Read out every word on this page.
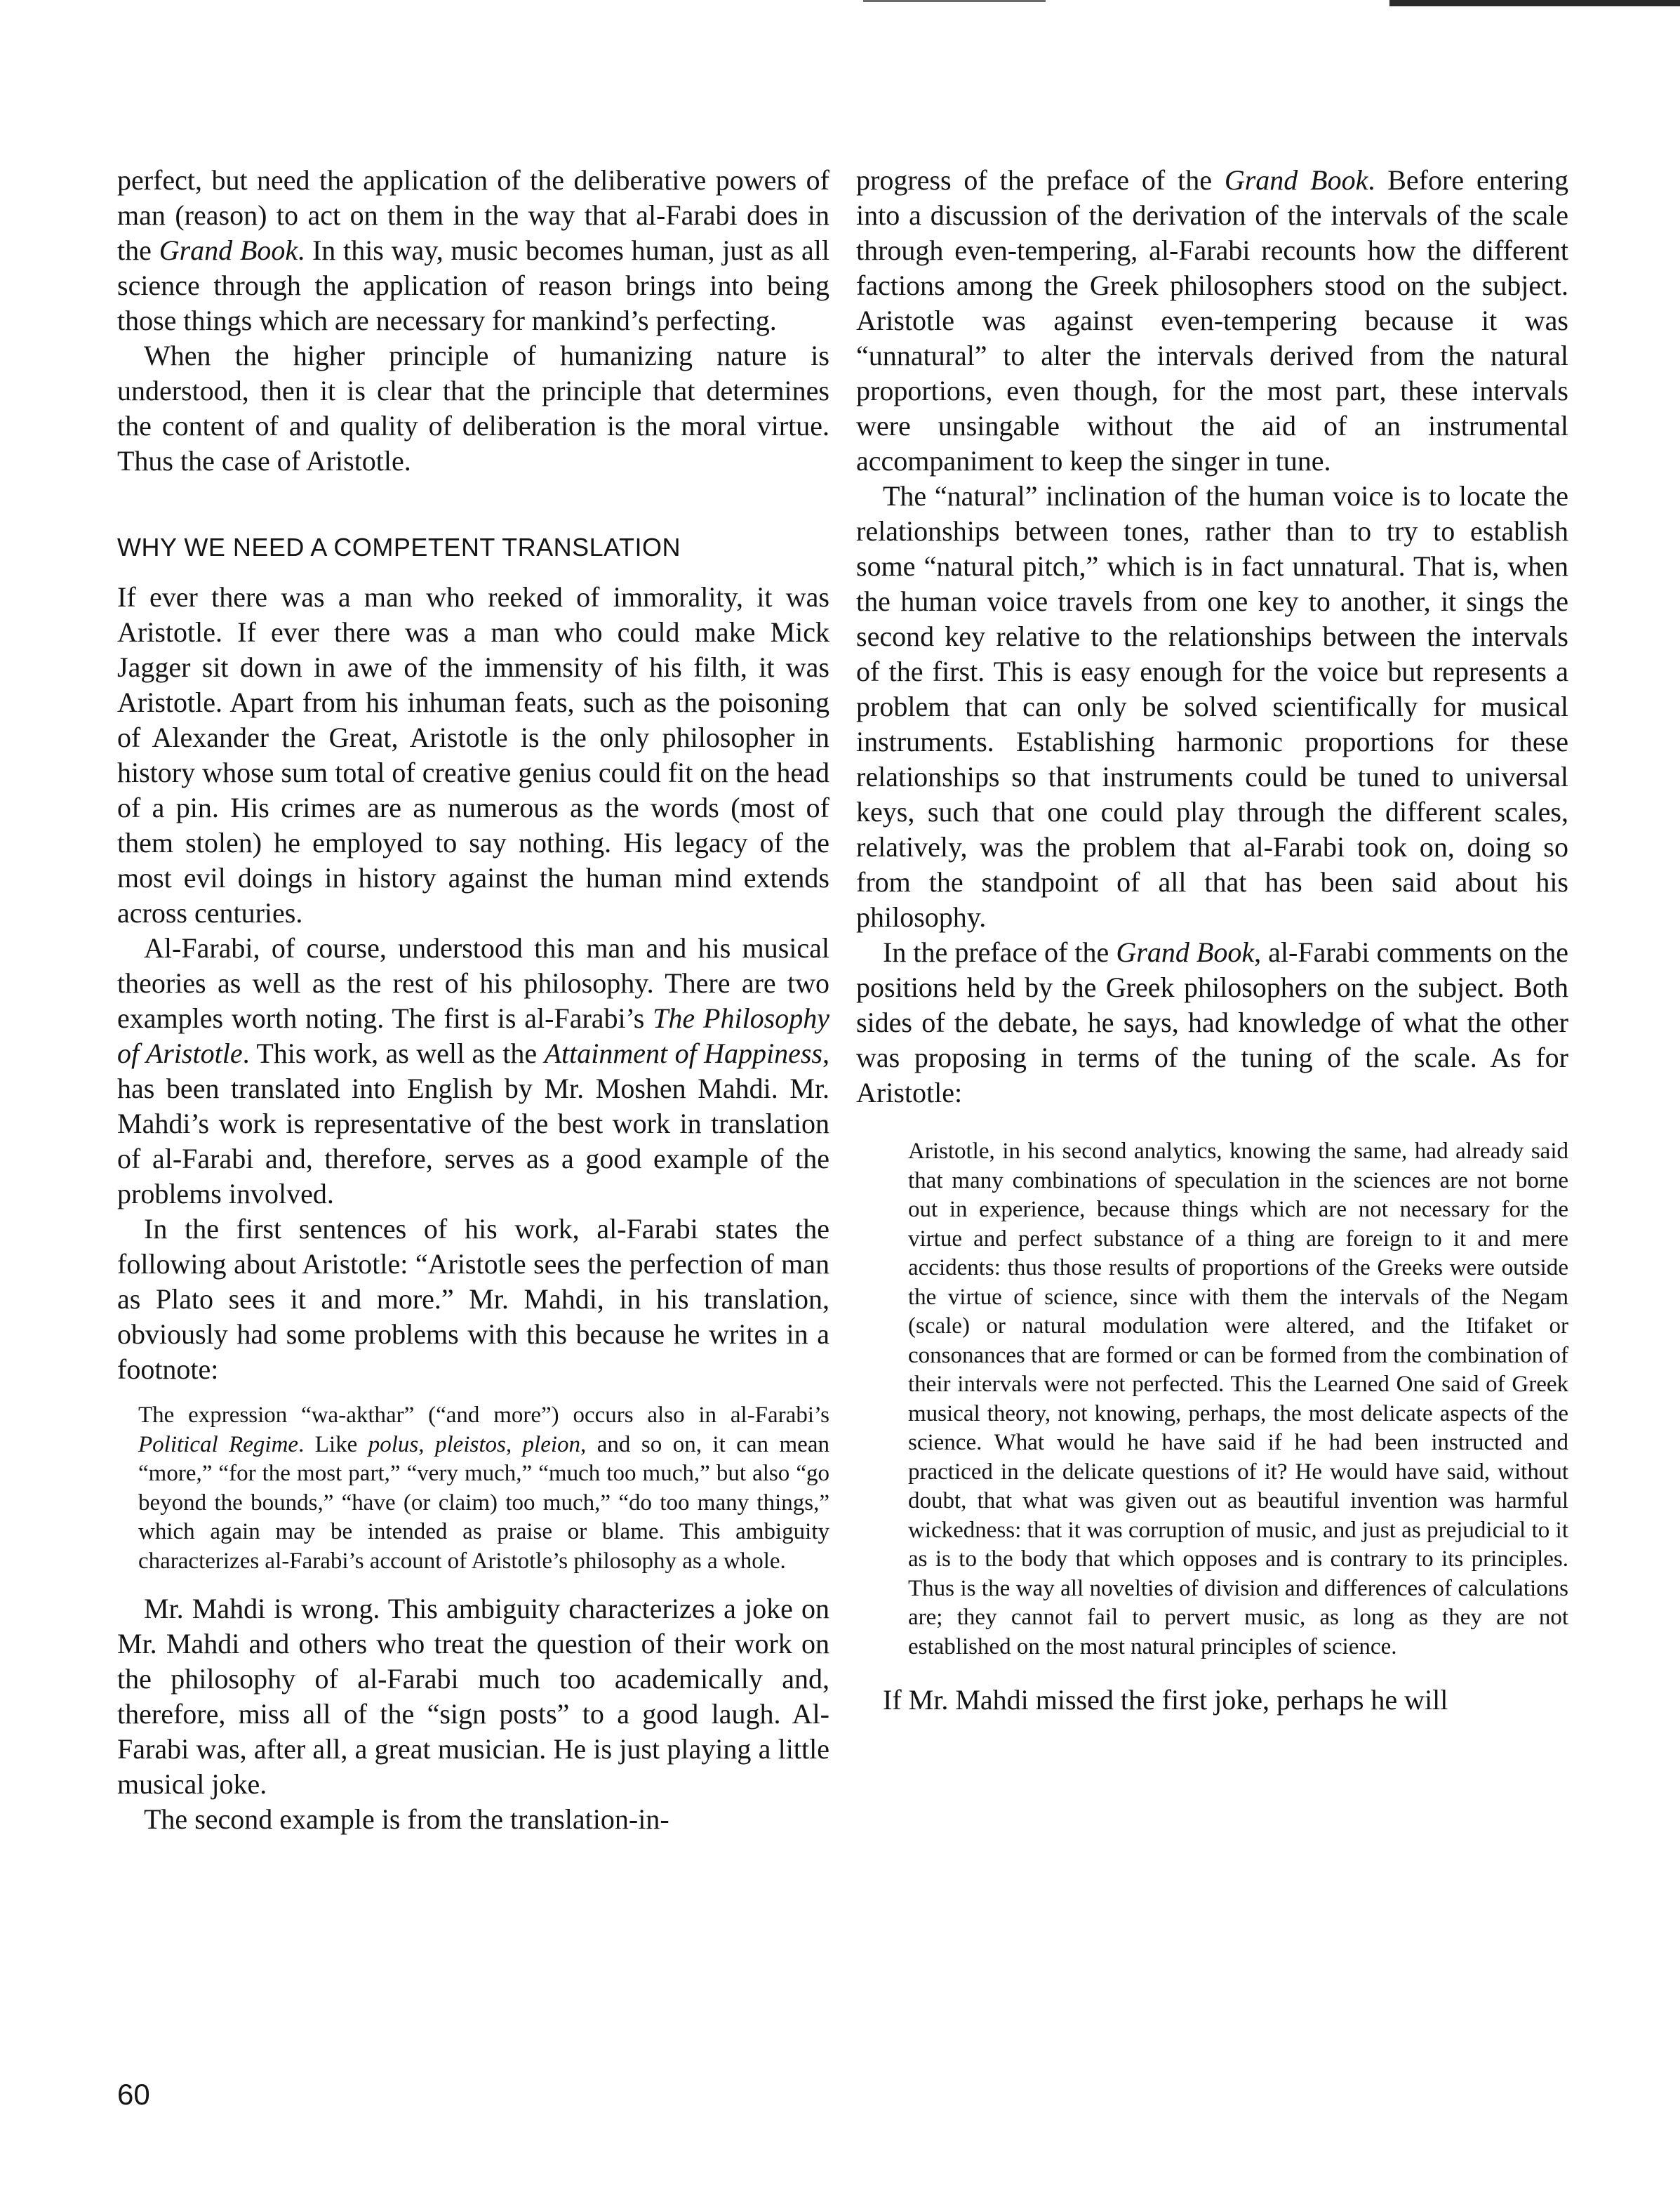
perfect, but need the application of the deliberative powers of man (reason) to act on them in the way that al-Farabi does in the Grand Book. In this way, music becomes human, just as all science through the application of reason brings into being those things which are necessary for mankind’s perfecting.

When the higher principle of humanizing nature is understood, then it is clear that the principle that determines the content of and quality of deliberation is the moral virtue. Thus the case of Aristotle.

WHY WE NEED A COMPETENT TRANSLATION

If ever there was a man who reeked of immorality, it was Aristotle. If ever there was a man who could make Mick Jagger sit down in awe of the immensity of his filth, it was Aristotle. Apart from his inhuman feats, such as the poisoning of Alexander the Great, Aristotle is the only philosopher in history whose sum total of creative genius could fit on the head of a pin. His crimes are as numerous as the words (most of them stolen) he employed to say nothing. His legacy of the most evil doings in history against the human mind extends across centuries.

Al-Farabi, of course, understood this man and his musical theories as well as the rest of his philosophy. There are two examples worth noting. The first is al-Farabi’s The Philosophy of Aristotle. This work, as well as the Attainment of Happiness, has been translated into English by Mr. Moshen Mahdi. Mr. Mahdi’s work is representative of the best work in translation of al-Farabi and, therefore, serves as a good example of the problems involved.

In the first sentences of his work, al-Farabi states the following about Aristotle: “Aristotle sees the perfection of man as Plato sees it and more.” Mr. Mahdi, in his translation, obviously had some problems with this because he writes in a footnote:

The expression “wa-akthar” (“and more”) occurs also in al-Farabi’s Political Regime. Like polus, pleistos, pleion, and so on, it can mean “more,” “for the most part,” “very much,” “much too much,” but also “go beyond the bounds,” “have (or claim) too much,” “do too many things,” which again may be intended as praise or blame. This ambiguity characterizes al-Farabi’s account of Aristotle’s philosophy as a whole.

Mr. Mahdi is wrong. This ambiguity characterizes a joke on Mr. Mahdi and others who treat the question of their work on the philosophy of al-Farabi much too academically and, therefore, miss all of the “sign posts” to a good laugh. Al-Farabi was, after all, a great musician. He is just playing a little musical joke.

The second example is from the translation-in-

progress of the preface of the Grand Book. Before entering into a discussion of the derivation of the intervals of the scale through even-tempering, al-Farabi recounts how the different factions among the Greek philosophers stood on the subject. Aristotle was against even-tempering because it was “unnatural” to alter the intervals derived from the natural proportions, even though, for the most part, these intervals were unsingable without the aid of an instrumental accompaniment to keep the singer in tune.

The “natural” inclination of the human voice is to locate the relationships between tones, rather than to try to establish some “natural pitch,” which is in fact unnatural. That is, when the human voice travels from one key to another, it sings the second key relative to the relationships between the intervals of the first. This is easy enough for the voice but represents a problem that can only be solved scientifically for musical instruments. Establishing harmonic proportions for these relationships so that instruments could be tuned to universal keys, such that one could play through the different scales, relatively, was the problem that al-Farabi took on, doing so from the standpoint of all that has been said about his philosophy.

In the preface of the Grand Book, al-Farabi comments on the positions held by the Greek philosophers on the subject. Both sides of the debate, he says, had knowledge of what the other was proposing in terms of the tuning of the scale. As for Aristotle:

Aristotle, in his second analytics, knowing the same, had already said that many combinations of speculation in the sciences are not borne out in experience, because things which are not necessary for the virtue and perfect substance of a thing are foreign to it and mere accidents: thus those results of proportions of the Greeks were outside the virtue of science, since with them the intervals of the Negam (scale) or natural modulation were altered, and the Itifaket or consonances that are formed or can be formed from the combination of their intervals were not perfected. This the Learned One said of Greek musical theory, not knowing, perhaps, the most delicate aspects of the science. What would he have said if he had been instructed and practiced in the delicate questions of it? He would have said, without doubt, that what was given out as beautiful invention was harmful wickedness: that it was corruption of music, and just as prejudicial to it as is to the body that which opposes and is contrary to its principles. Thus is the way all novelties of division and differences of calculations are; they cannot fail to pervert music, as long as they are not established on the most natural principles of science.

If Mr. Mahdi missed the first joke, perhaps he will

60
